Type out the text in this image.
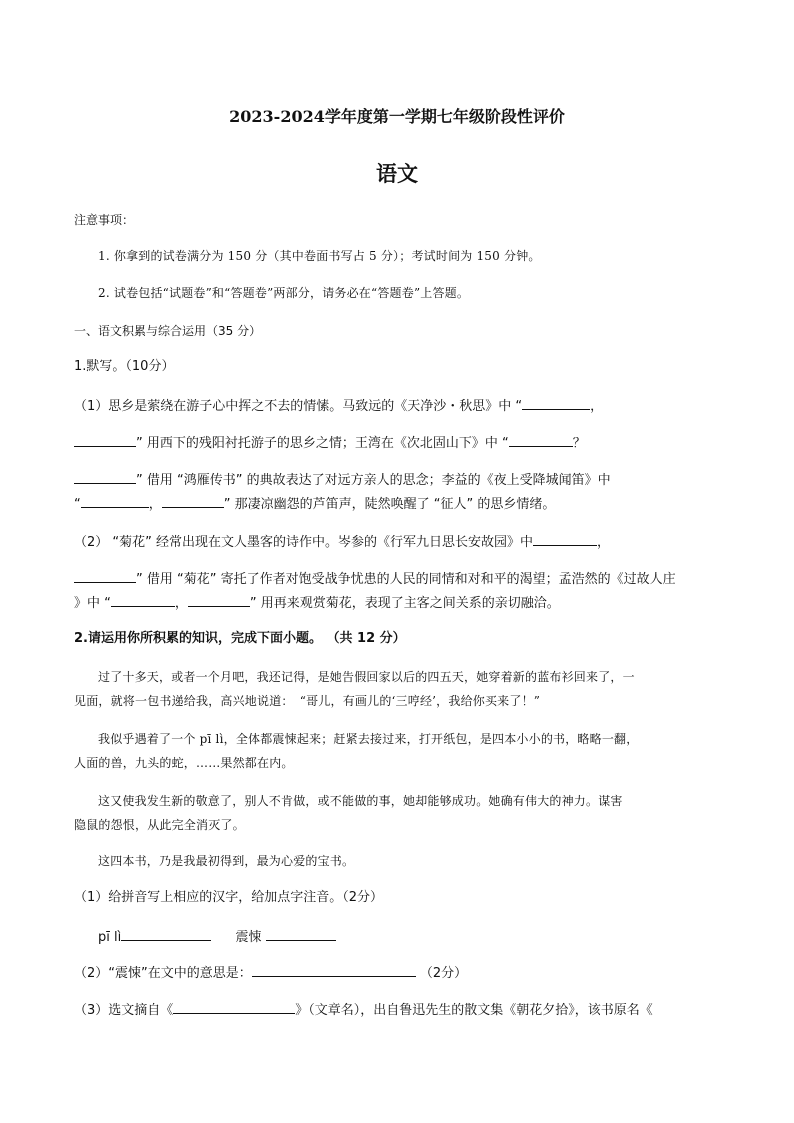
2023-2024学年度第一学期七年级阶段性评价
语文
注意事项：
1. 你拿到的试卷满分为 150 分（其中卷面书写占 5 分）；考试时间为 150 分钟。
2. 试卷包括“试题卷”和“答题卷”两部分，请务必在“答题卷”上答题。
一、语文积累与综合运用（35 分）
1.默写。（10分）
（1）思乡是萦绕在游子心中挥之不去的情愫。马致远的《天净沙・秋思》中 “	，
” 用西下的残阳衬托游子的思乡之情；王湾在《次北固山下》中 “	？
” 借用 “鸿雁传书” 的典故表达了对远方亲人的思念；李益的《夜上受降城闻笛》中
“	，	” 那凄凉幽怨的芦笛声，陡然唤醒了 “征人” 的思乡情绪。
（2） “菊花” 经常出现在文人墨客的诗作中。岑参的《行军九日思长安故园》中	，
” 借用 “菊花” 寄托了作者对饱受战争忧患的人民的同情和对和平的渴望；孟浩然的《过故人庄
》中 “	，	” 用再来观赏菊花，表现了主客之间关系的亲切融洽。
2.请运用你所积累的知识，完成下面小题。 （共 12 分）
过了十多天，或者一个月吧，我还记得，是她告假回家以后的四五天，她穿着新的蓝布衫回来了，一
见面，就将一包书递给我，高兴地说道：　“哥儿，有画儿的‘三哼经’，我给你买来了！”
我似乎遇着了一个 pī lì，全体都震悚起来；赶紧去接过来，打开纸包，是四本小小的书，略略一翻，
人面的兽，九头的蛇，……果然都在内。
这又使我发生新的敬意了，别人不肯做，或不能做的事，她却能够成功。她确有伟大的神力。谋害
隐鼠的怨恨，从此完全消灭了。
这四本书，乃是我最初得到，最为心爱的宝书。
（1）给拼音写上相应的汉字，给加点字注音。（2分）
pī lì	震悚
（2）“震悚”在文中的意思是：	（2分）
（3）选文摘自《	》（文章名），出自鲁迅先生的散文集《朝花夕拾》，该书原名《
